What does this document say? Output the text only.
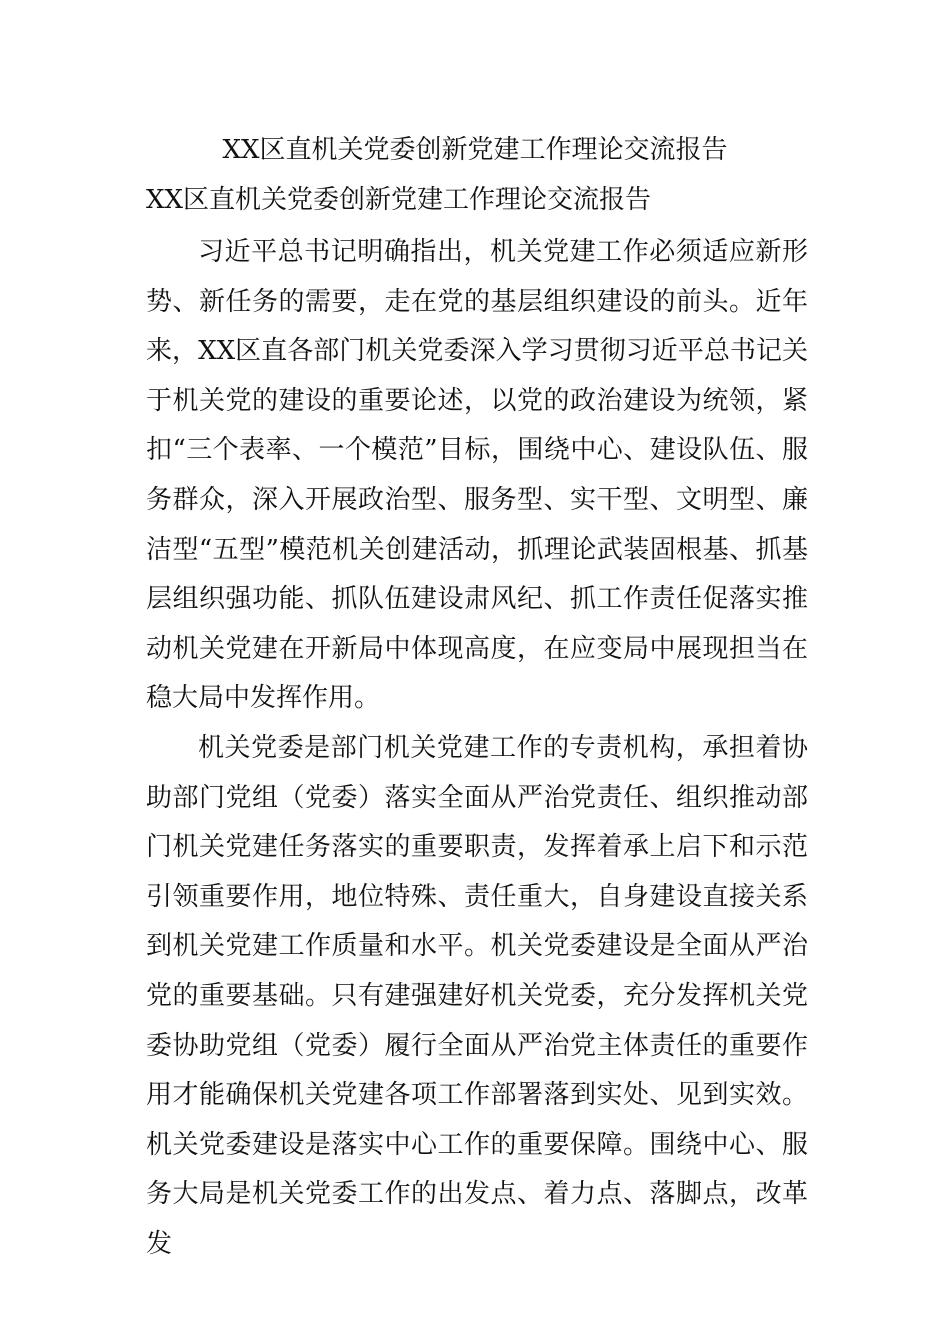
XX区直机关党委创新党建工作理论交流报告
XX区直机关党委创新党建工作理论交流报告

习近平总书记明确指出，机关党建工作必须适应新形势、新任务的需要，走在党的基层组织建设的前头。近年来，XX区直各部门机关党委深入学习贯彻习近平总书记关于机关党的建设的重要论述，以党的政治建设为统领，紧扣“三个表率、一个模范”目标，围绕中心、建设队伍、服务群众，深入开展政治型、服务型、实干型、文明型、廉洁型“五型”模范机关创建活动，抓理论武装固根基、抓基层组织强功能、抓队伍建设肃风纪、抓工作责任促落实推动机关党建在开新局中体现高度，在应变局中展现担当在稳大局中发挥作用。

机关党委是部门机关党建工作的专责机构，承担着协助部门党组（党委）落实全面从严治党责任、组织推动部门机关党建任务落实的重要职责，发挥着承上启下和示范引领重要作用，地位特殊、责任重大，自身建设直接关系到机关党建工作质量和水平。机关党委建设是全面从严治党的重要基础。只有建强建好机关党委，充分发挥机关党委协助党组（党委）履行全面从严治党主体责任的重要作用才能确保机关党建各项工作部署落到实处、见到实效。机关党委建设是落实中心工作的重要保障。围绕中心、服务大局是机关党委工作的出发点、着力点、落脚点，改革发
